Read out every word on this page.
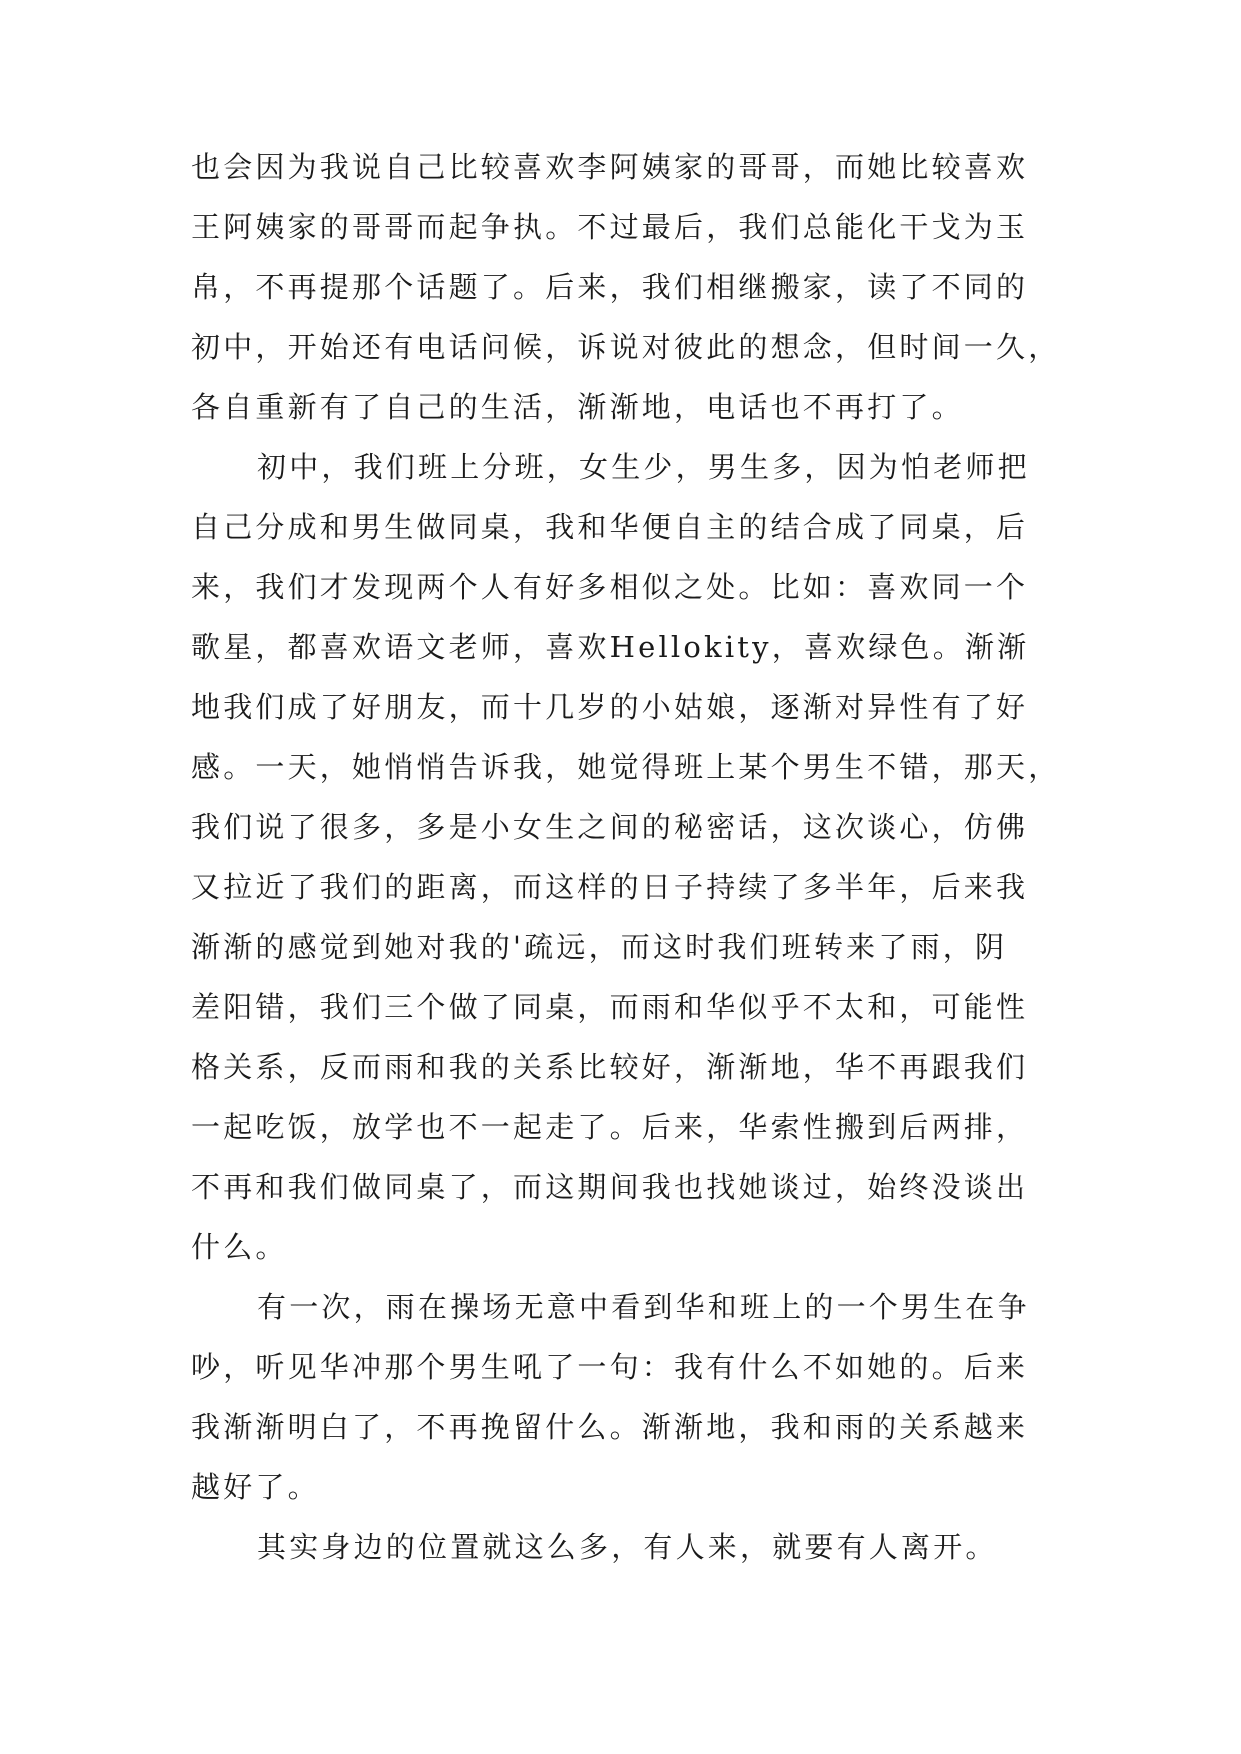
也会因为我说自己比较喜欢李阿姨家的哥哥，而她比较喜欢
王阿姨家的哥哥而起争执。不过最后，我们总能化干戈为玉
帛，不再提那个话题了。后来，我们相继搬家，读了不同的
初中，开始还有电话问候，诉说对彼此的想念，但时间一久，
各自重新有了自己的生活，渐渐地，电话也不再打了。
初中，我们班上分班，女生少，男生多，因为怕老师把
自己分成和男生做同桌，我和华便自主的结合成了同桌，后
来，我们才发现两个人有好多相似之处。比如：喜欢同一个
歌星，都喜欢语文老师，喜欢Hellokity，喜欢绿色。渐渐
地我们成了好朋友，而十几岁的小姑娘，逐渐对异性有了好
感。一天，她悄悄告诉我，她觉得班上某个男生不错，那天，
我们说了很多，多是小女生之间的秘密话，这次谈心，仿佛
又拉近了我们的距离，而这样的日子持续了多半年，后来我
渐渐的感觉到她对我的'疏远，而这时我们班转来了雨，阴
差阳错，我们三个做了同桌，而雨和华似乎不太和，可能性
格关系，反而雨和我的关系比较好，渐渐地，华不再跟我们
一起吃饭，放学也不一起走了。后来，华索性搬到后两排，
不再和我们做同桌了，而这期间我也找她谈过，始终没谈出
什么。
有一次，雨在操场无意中看到华和班上的一个男生在争
吵，听见华冲那个男生吼了一句：我有什么不如她的。后来
我渐渐明白了，不再挽留什么。渐渐地，我和雨的关系越来
越好了。
其实身边的位置就这么多，有人来，就要有人离开。
